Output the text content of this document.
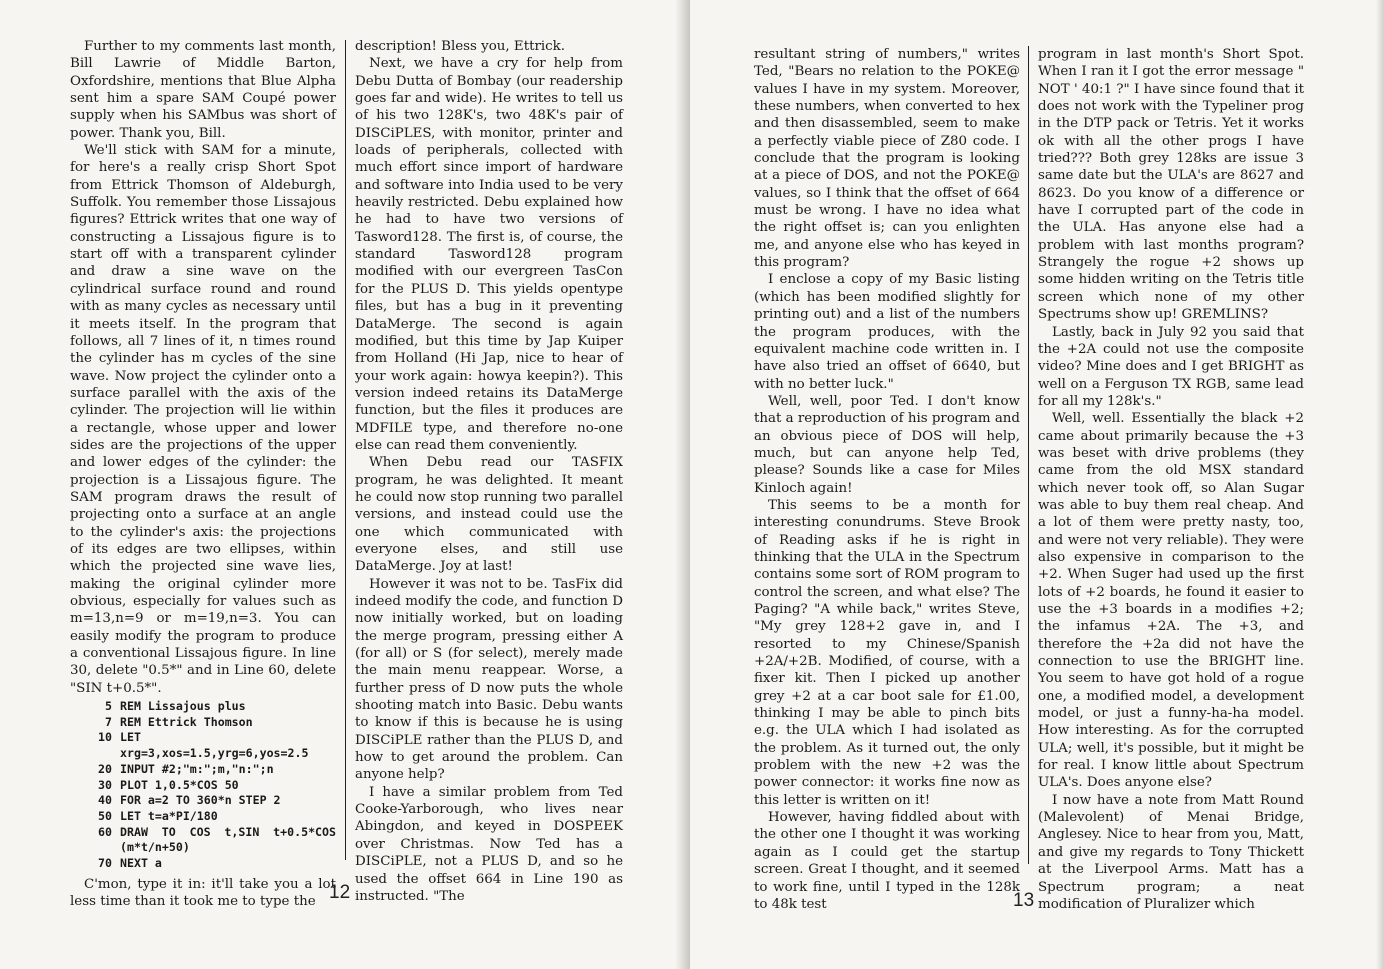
Further to my comments last month, Bill Lawrie of Middle Barton, Oxfordshire, mentions that Blue Alpha sent him a spare SAM Coupé power supply when his SAMbus was short of power. Thank you, Bill.

We'll stick with SAM for a minute, for here's a really crisp Short Spot from Ettrick Thomson of Aldeburgh, Suffolk. You remember those Lissajous figures? Ettrick writes that one way of constructing a Lissajous figure is to start off with a transparent cylinder and draw a sine wave on the cylindrical surface round and round with as many cycles as necessary until it meets itself. In the program that follows, all 7 lines of it, n times round the cylinder has m cycles of the sine wave. Now project the cylinder onto a surface parallel with the axis of the cylinder. The projection will lie within a rectangle, whose upper and lower sides are the projections of the upper and lower edges of the cylinder: the projection is a Lissajous figure. The SAM program draws the result of projecting onto a surface at an angle to the cylinder's axis: the projections of its edges are two ellipses, within which the projected sine wave lies, making the original cylinder more obvious, especially for values such as m=13,n=9 or m=19,n=3. You can easily modify the program to produce a conventional Lissajous figure. In line 30, delete "0.5*" and in Line 60, delete "SIN t+0.5*".

5 REM Lissajous plus
7 REM Ettrick Thomson
10 LET xrg=3,xos=1.5,yrg=6,yos=2.5
20 INPUT #2;"m:";m,"n:";n
30 PLOT 1,0.5*COS 50
40 FOR a=2 TO 360*n STEP 2
50 LET t=a*PI/180
60 DRAW TO COS t,SIN t+0.5*COS (m*t/n+50)
70 NEXT a

C'mon, type it in: it'll take you a lot less time than it took me to type the

description! Bless you, Ettrick.

Next, we have a cry for help from Debu Dutta of Bombay (our readership goes far and wide). He writes to tell us of his two 128K's, two 48K's pair of DISCiPLES, with monitor, printer and loads of peripherals, collected with much effort since import of hardware and software into India used to be very heavily restricted. Debu explained how he had to have two versions of Tasword128. The first is, of course, the standard Tasword128 program modified with our evergreen TasCon for the PLUS D. This yields opentype files, but has a bug in it preventing DataMerge. The second is again modified, but this time by Jap Kuiper from Holland (Hi Jap, nice to hear of your work again: howya keepin?). This version indeed retains its DataMerge function, but the files it produces are MDFILE type, and therefore no-one else can read them conveniently.

When Debu read our TASFIX program, he was delighted. It meant he could now stop running two parallel versions, and instead could use the one which communicated with everyone elses, and still use DataMerge. Joy at last!

However it was not to be. TasFix did indeed modify the code, and function D now initially worked, but on loading the merge program, pressing either A (for all) or S (for select), merely made the main menu reappear. Worse, a further press of D now puts the whole shooting match into Basic. Debu wants to know if this is because he is using DISCiPLE rather than the PLUS D, and how to get around the problem. Can anyone help?

I have a similar problem from Ted Cooke-Yarborough, who lives near Abingdon, and keyed in DOSPEEK over Christmas. Now Ted has a DISCiPLE, not a PLUS D, and so he used the offset 664 in Line 190 as instructed. "The

12

resultant string of numbers," writes Ted, "Bears no relation to the POKE@ values I have in my system. Moreover, these numbers, when converted to hex and then disassembled, seem to make a perfectly viable piece of Z80 code. I conclude that the program is looking at a piece of DOS, and not the POKE@ values, so I think that the offset of 664 must be wrong. I have no idea what the right offset is; can you enlighten me, and anyone else who has keyed in this program?

I enclose a copy of my Basic listing (which has been modified slightly for printing out) and a list of the numbers the program produces, with the equivalent machine code written in. I have also tried an offset of 6640, but with no better luck."

Well, well, poor Ted. I don't know that a reproduction of his program and an obvious piece of DOS will help, much, but can anyone help Ted, please? Sounds like a case for Miles Kinloch again!

This seems to be a month for interesting conundrums. Steve Brook of Reading asks if he is right in thinking that the ULA in the Spectrum contains some sort of ROM program to control the screen, and what else? The Paging? "A while back," writes Steve, "My grey 128+2 gave in, and I resorted to my Chinese/Spanish +2A/+2B. Modified, of course, with a fixer kit. Then I picked up another grey +2 at a car boot sale for £1.00, thinking I may be able to pinch bits e.g. the ULA which I had isolated as the problem. As it turned out, the only problem with the new +2 was the power connector: it works fine now as this letter is written on it!

However, having fiddled about with the other one I thought it was working again as I could get the startup screen. Great I thought, and it seemed to work fine, until I typed in the 128k to 48k test

program in last month's Short Spot. When I ran it I got the error message " NOT ' 40:1 ?" I have since found that it does not work with the Typeliner prog in the DTP pack or Tetris. Yet it works ok with all the other progs I have tried??? Both grey 128ks are issue 3 same date but the ULA's are 8627 and 8623. Do you know of a difference or have I corrupted part of the code in the ULA. Has anyone else had a problem with last months program? Strangely the rogue +2 shows up some hidden writing on the Tetris title screen which none of my other Spectrums show up! GREMLINS?

Lastly, back in July 92 you said that the +2A could not use the composite video? Mine does and I get BRIGHT as well on a Ferguson TX RGB, same lead for all my 128k's."

Well, well. Essentially the black +2 came about primarily because the +3 was beset with drive problems (they came from the old MSX standard which never took off, so Alan Sugar was able to buy them real cheap. And a lot of them were pretty nasty, too, and were not very reliable). They were also expensive in comparison to the +2. When Suger had used up the first lots of +2 boards, he found it easier to use the +3 boards in a modifies +2; the infamus +2A. The +3, and therefore the +2a did not have the connection to use the BRIGHT line. You seem to have got hold of a rogue one, a modified model, a development model, or just a funny-ha-ha model. How interesting. As for the corrupted ULA; well, it's possible, but it might be for real. I know little about Spectrum ULA's. Does anyone else?

I now have a note from Matt Round (Malevolent) of Menai Bridge, Anglesey. Nice to hear from you, Matt, and give my regards to Tony Thickett at the Liverpool Arms. Matt has a Spectrum program; a neat modification of Pluralizer which

13
